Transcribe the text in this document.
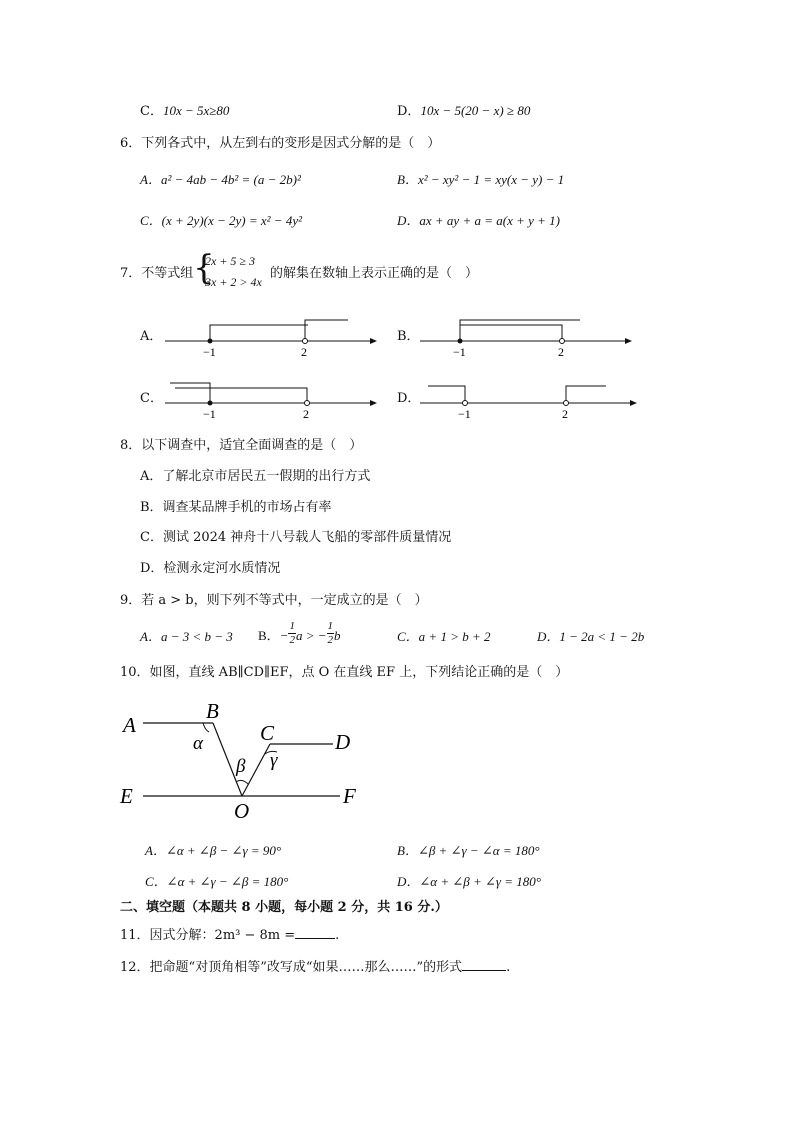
C．10x − 5x≥80	D．10x − 5(20 − x) ≥ 80
6．下列各式中，从左到右的变形是因式分解的是（　）
A．a² − 4ab − 4b² = (a − 2b)²	B．x² − xy² − 1 = xy(x − y) − 1
C．(x + 2y)(x − 2y) = x² − 4y²	D．ax + ay + a = a(x + y + 1)
7．不等式组 {
2x + 5 ≥ 3
3x + 2 > 4x
的解集在数轴上表示正确的是（　）
A．	B．
C．	D．
−1	2	−1	2
−1	2	−1	2
8．以下调查中，适宜全面调查的是（　）
A．了解北京市居民五一假期的出行方式
B．调查某品牌手机的市场占有率
C．测试 2024 神舟十八号载人飞船的零部件质量情况
D．检测永定河水质情况
9．若 a > b，则下列不等式中，一定成立的是（　）
A．a − 3 < b − 3 B．− $\frac{1}{2}$ a > − $\frac{1}{2}$ b	C．a + 1 > b + 2	D．1 − 2a < 1 − 2b
10．如图，直线 AB∥CD∥EF，点 O 在直线 EF 上，下列结论正确的是（　）
A
B
C	D
E	F
O
α
β γ
A．∠α + ∠β − ∠γ = 90°	B．∠β + ∠γ − ∠α = 180°
C．∠α + ∠γ − ∠β = 180°	D．∠α + ∠β + ∠γ = 180°
二、填空题（本题共 8 小题，每小题 2 分，共 16 分.）
11．因式分解：2m³ − 8m =	.
12．把命题“对顶角相等”改写成“如果……那么……”的形式	.
